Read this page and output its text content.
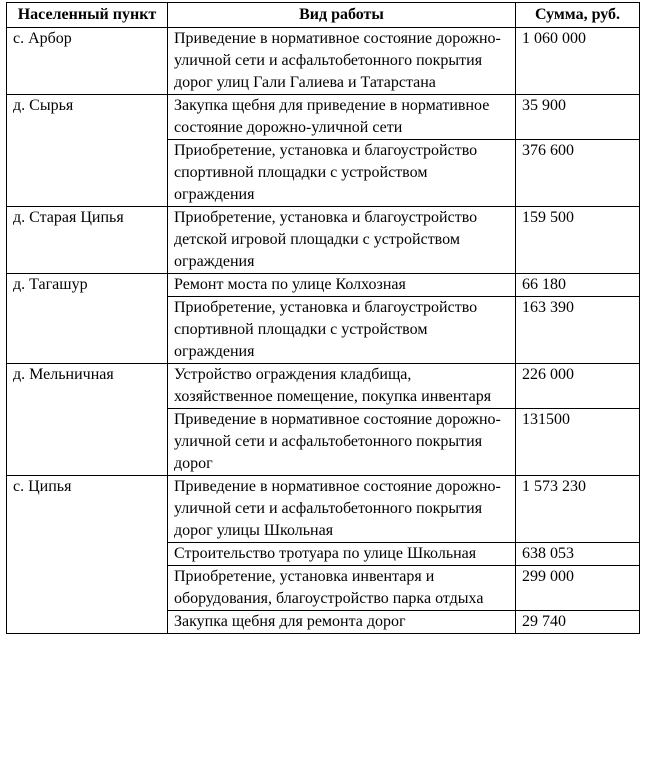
Населенный пункт	Вид работы	Сумма, руб.
с. Арбор	Приведение в нормативное состояние дорожно-уличной сети и асфальтобетонного покрытия дорог улиц Гали Галиева и Татарстана	1 060 000
д. Сырья	Закупка щебня для приведение в нормативное состояние дорожно-уличной сети	35 900
	Приобретение, установка и благоустройство спортивной площадки с устройством ограждения	376 600
д. Старая Ципья	Приобретение, установка и благоустройство детской игровой площадки с устройством ограждения	159 500
д. Тагашур	Ремонт моста по улице Колхозная	66 180
	Приобретение, установка и благоустройство спортивной площадки с устройством ограждения	163 390
д. Мельничная	Устройство ограждения кладбища, хозяйственное помещение, покупка инвентаря	226 000
	Приведение в нормативное состояние дорожно-уличной сети и асфальтобетонного покрытия дорог	131500
с. Ципья	Приведение в нормативное состояние дорожно-уличной сети и асфальтобетонного покрытия дорог улицы Школьная	1 573 230
	Строительство тротуара по улице Школьная	638 053
	Приобретение, установка инвентаря и оборудования, благоустройство парка отдыха	299 000
	Закупка щебня для ремонта дорог	29 740
